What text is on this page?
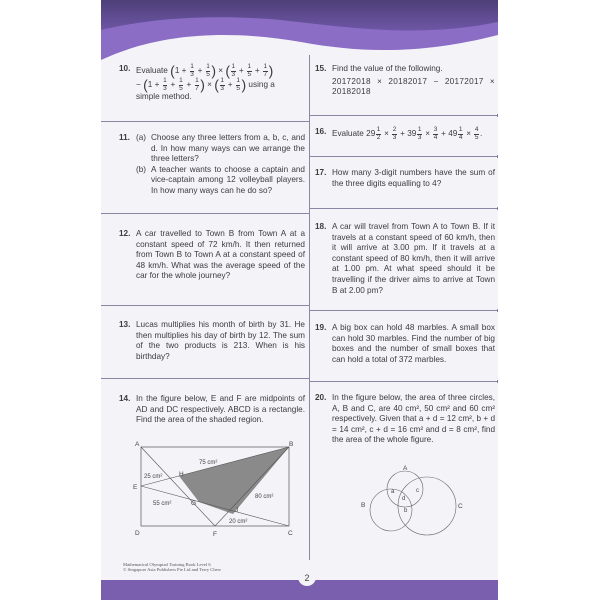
10. Evaluate ($1 + \frac{1}{3} + \frac{1}{5}$ ) × ( $\frac{1}{3} + \frac{1}{5} + \frac{1}{7}$ )
− ($1 + \frac{1}{3} + \frac{1}{5} + \frac{1}{7}$ ) × ( $\frac{1}{3} + \frac{1}{5}$ ) using a
simple method.
11. (a) Choose any three letters from a, b, c, and d. In how many ways can we arrange the three letters?
(b) A teacher wants to choose a captain and vice-captain among 12 volleyball players. In how many ways can he do so?
12. A car travelled to Town B from Town A at a constant speed of 72 km/h. It then returned from Town B to Town A at a constant speed of 48 km/h. What was the average speed of the car for the whole journey?
13. Lucas multiplies his month of birth by 31. He then multiplies his day of birth by 12. The sum of the two products is 213. When is his birthday?
14. In the figure below, E and F are midpoints of AD and DC respectively. ABCD is a rectangle. Find the area of the shaded region.
A	B
C
D
E
F
G
H
J
75 cm²
25 cm²
80 cm²
55 cm²
20 cm²
15. Find the value of the following.
20172018 × 20182017 − 20172017 × 20182018
16. Evaluate $29 \frac{1}{2} \times \frac{2}{3} + 39 \frac{1}{3} \times \frac{3}{4} + 49 \frac{1}{4} \times \frac{4}{5}$ .
17. How many 3-digit numbers have the sum of the three digits equalling to 4?
18. A car will travel from Town A to Town B. If it travels at a constant speed of 60 km/h, then it will arrive at 3.00 pm. If it travels at a constant speed of 80 km/h, then it will arrive at 1.00 pm. At what speed should it be travelling if the driver aims to arrive at Town B at 2.00 pm?
19. A big box can hold 48 marbles. A small box can hold 30 marbles. Find the number of big boxes and the number of small boxes that can hold a total of 372 marbles.
20. In the figure below, the area of three circles, A, B and C, are 40 cm², 50 cm² and 60 cm² respectively. Given that a + d = 12 cm², b + d = 14 cm², c + d = 16 cm² and d = 8 cm², find the area of the whole figure.
A
B	C
a
b
c
d
Mathematical Olympiad Training Book Level 6
© Singapore Asia Publishers Pte Ltd and Terry Chew
2
